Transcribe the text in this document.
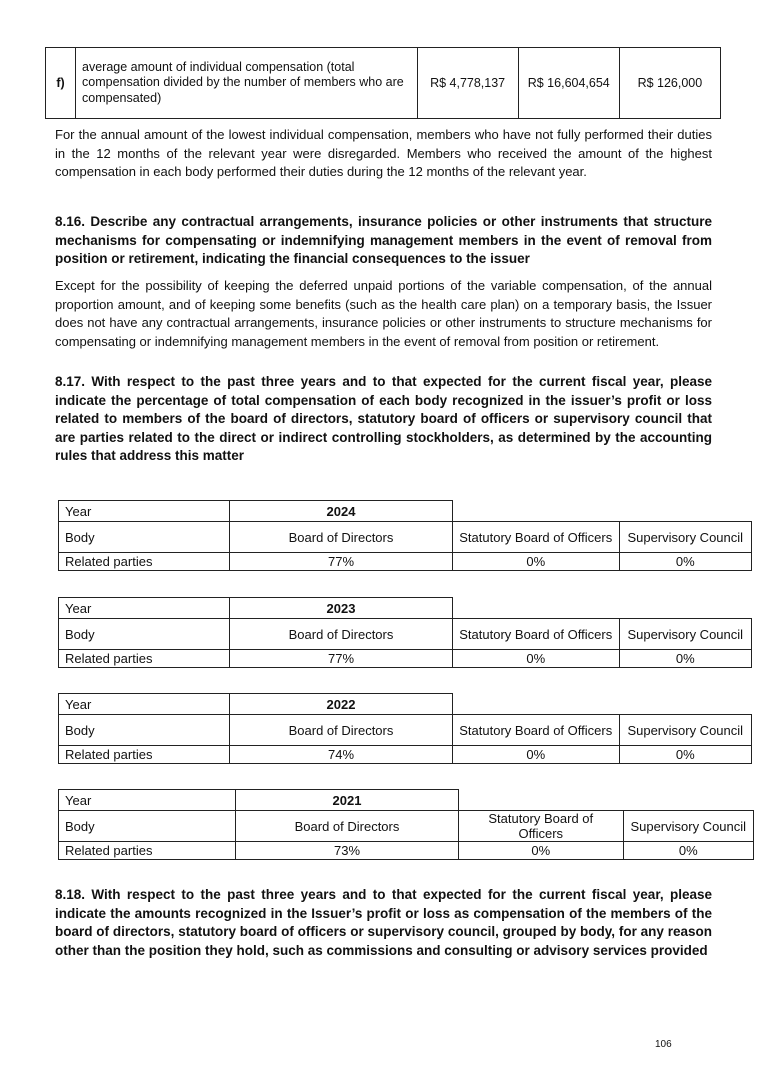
f)	average amount of individual compensation (total compensation divided by the number of members who are compensated)	R$ 4,778,137	R$ 16,604,654	R$ 126,000

For the annual amount of the lowest individual compensation, members who have not fully performed their duties in the 12 months of the relevant year were disregarded. Members who received the amount of the highest compensation in each body performed their duties during the 12 months of the relevant year.

8.16. Describe any contractual arrangements, insurance policies or other instruments that structure mechanisms for compensating or indemnifying management members in the event of removal from position or retirement, indicating the financial consequences to the issuer

Except for the possibility of keeping the deferred unpaid portions of the variable compensation, of the annual proportion amount, and of keeping some benefits (such as the health care plan) on a temporary basis, the Issuer does not have any contractual arrangements, insurance policies or other instruments to structure mechanisms for compensating or indemnifying management members in the event of removal from position or retirement.

8.17. With respect to the past three years and to that expected for the current fiscal year, please indicate the percentage of total compensation of each body recognized in the issuer’s profit or loss related to members of the board of directors, statutory board of officers or supervisory council that are parties related to the direct or indirect controlling stockholders, as determined by the accounting rules that address this matter

Year	2024		
Body	Board of Directors	Statutory Board of Officers	Supervisory Council
Related parties	77%	0%	0%
Year	2023		
Body	Board of Directors	Statutory Board of Officers	Supervisory Council
Related parties	77%	0%	0%
Year	2022		
Body	Board of Directors	Statutory Board of Officers	Supervisory Council
Related parties	74%	0%	0%
Year	2021		
Body	Board of Directors	Statutory Board of Officers	Supervisory Council
Related parties	73%	0%	0%

8.18. With respect to the past three years and to that expected for the current fiscal year, please indicate the amounts recognized in the Issuer’s profit or loss as compensation of the members of the board of directors, statutory board of officers or supervisory council, grouped by body, for any reason other than the position they hold, such as commissions and consulting or advisory services provided

106
